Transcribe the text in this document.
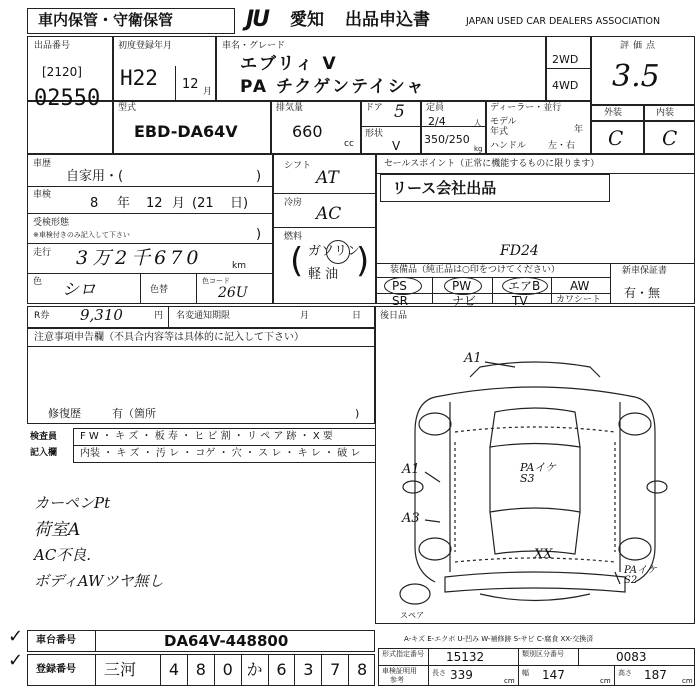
車内保管・守衛保管	JU 愛知 出品申込書	JAPAN USED CAR DEALERS ASSOCIATION
出品番号
[2120]
02550
初度登録年月
H22 12 月
車名・グレード
エブリィ V
PA チクゲンテイシャ
2WD
4WD
評価点
3.5
外装	内装
C C
型式
EBD-DA64V
排気量
660
cc
ドア 5
形状
V
定員
2/4	人
350/250
kg
ディーラー・並行
モデル
年式	年
ハンドル 左・右
車歴
自家用・(	)
車検
8 年 12 月 (21 日)
受検形態
※車検付きのみ記入して下さい	)
走行 3万2千670	km
色 シロ	色替
色コード
26U
シフト
AT
冷房
AC
燃料
ガソリン
軽 油
( )
セールスポイント（正常に機能するものに限ります）
リース会社出品
装備品（純正品は○印をつけてください）
FD24
PS	PW	エアB AW
SR	ナビ	TV	カワシート
新車保証書
有・無
R券 9,310	円 名変通知期限	月	日
注意事項申告欄（不具合内容等は具体的に記入して下さい）
修復歴	有（箇所	)
検査員
記入欄
F W ・ キ ズ ・ 板 寿 ・ ヒ ビ 割 ・ リ ペ ア 跡 ・ X 要
内装 ・ キ ズ ・ 汚 レ ・ コゲ ・ 穴 ・ ス レ ・ キ レ ・ 破 レ
カーペンPt
荷室A
AC不良.
ボディAWツヤ無し
後日品
A1
A1
A3
PAイケ S3
XX
PAイケ S2
スペア
A-キズ E-エクボ U-凹み W-補修跡 S-サビ C-腐食 XX-交換済
車台番号	DA64V-448800
✓
登録番号 三河	4	8	0 か 6	3	7	8
✓	形式指定番号 15132	類別区分番号	0083
車検証明用
参考
長さ 339	cm
幅 147	cm
高さ 187 cm
